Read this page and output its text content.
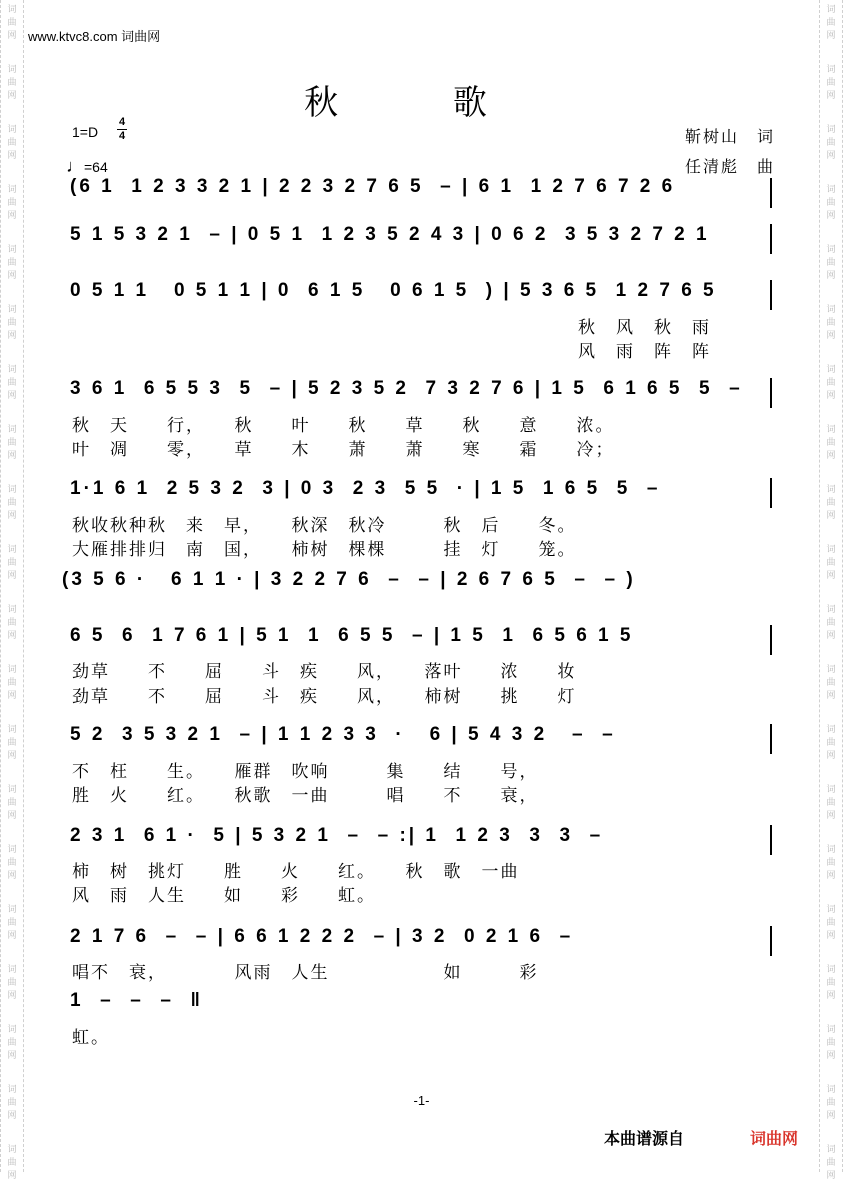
词
曲
网
词
曲
网
词
曲
网
词
曲
网
词
曲
网
词
曲
网
词
曲
网
词
曲
网
词
曲
网
词
曲
网
词
曲
网
词
曲
网
词
曲
网
词
曲
网
词
曲
网
词
曲
网
词
曲
网
词
曲
网
词
曲
网
词
曲
网
词
曲
网
词
曲
网
词
曲
网
词
曲
网
词
曲
网
词
曲
网
词
曲
网
词
曲
网
词
曲
网
词
曲
网
词
曲
网
词
曲
网
词
曲
网
词
曲
网
词
曲
网
词
曲
网
词
曲
网
词
曲
网
词
曲
网
词
曲
网
www.ktvc8.com 词曲网
秋 歌
1=D
4
4
♩=64
靳树山　词
任清彪　曲
(6 1  1 2 3 3 2 1 | 2 2 3 2 7 6 5  – | 6 1  1 2 7 6 7 2 6
5 1 5 3 2 1  – | 0 5 1  1 2 3 5 2 4 3 | 0 6 2  3 5 3 2 7 2 1
0 5 1 1   0 5 1 1 | 0  6 1 5   0 6 1 5  ) | 5 3 6 5  1 2 7 6 5
秋　风　秋　雨
风　雨　阵　阵
3 6 1  6 5 5 3  5  – | 5 2 3 5 2  7 3 2 7 6 | 1 5  6 1 6 5  5  –
秋　天　　行，　　秋　　叶　　秋　　草　　秋　　意　　浓。
叶　凋　　零，　　草　　木　　萧　　萧　　寒　　霜　　冷；
1·1 6 1  2 5 3 2  3 | 0 3  2 3  5 5  · | 1 5  1 6 5  5  –
秋收秋种秋　来　早，　　秋深　秋冷　　　秋　后　　冬。
大雁排排归　南　国，　　柿树　棵棵　　　挂　灯　　笼。
(3 5 6 ·   6 1 1 · | 3 2 2 7 6  –  – | 2 6 7 6 5  –  – )
6 5  6  1 7 6 1 | 5 1  1  6 5 5  – | 1 5  1  6 5 6 1 5
劲草　　不　　屈　　斗　疾　　风，　　落叶　　浓　　妆
劲草　　不　　屈　　斗　疾　　风，　　柿树　　挑　　灯
5 2  3 5 3 2 1  – | 1 1 2 3 3  ·   6 | 5 4 3 2   –  –
不　枉　　生。　　雁群　吹响　　　集　　结　　号，
胜　火　　红。　　秋歌　一曲　　　唱　　不　　衰，
2 3 1  6 1 ·  5 | 5 3 2 1  –  – :| 1  1 2 3  3  3  –
柿　树　挑灯　　胜　　火　　红。　　秋　歌　一曲
风　雨　人生　　如　　彩　　虹。
2 1 7 6  –  – | 6 6 1 2 2 2  – | 3 2  0 2 1 6  –
唱不　衰，　　　　风雨　人生　　　　　　如　　　彩
1  –  –  –  ‖
虹。
-1-
本曲谱源自	词曲网
